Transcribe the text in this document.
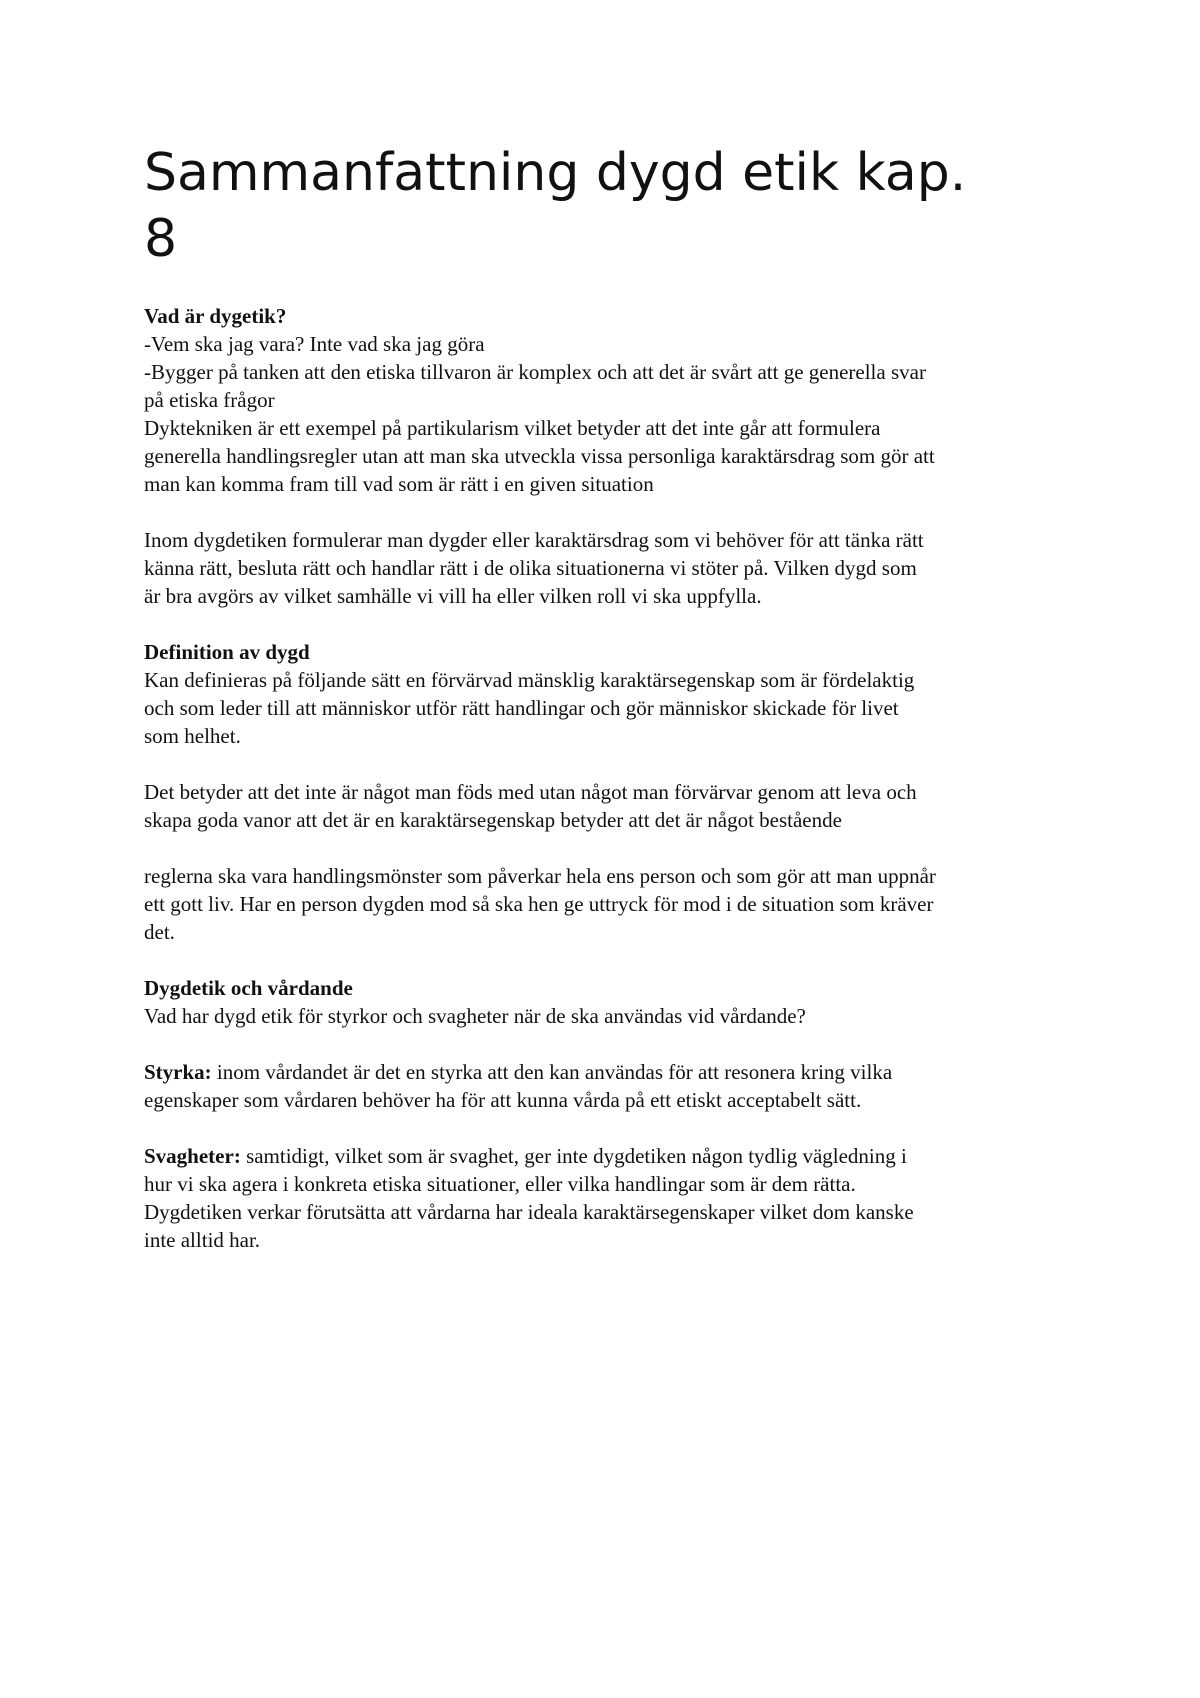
Sammanfattning dygd etik kap.
8
Vad är dygetik?
-Vem ska jag vara? Inte vad ska jag göra
-Bygger på tanken att den etiska tillvaron är komplex och att det är svårt att ge generella svar
på etiska frågor
Dyktekniken är ett exempel på partikularism vilket betyder att det inte går att formulera
generella handlingsregler utan att man ska utveckla vissa personliga karaktärsdrag som gör att
man kan komma fram till vad som är rätt i en given situation
Inom dygdetiken formulerar man dygder eller karaktärsdrag som vi behöver för att tänka rätt
känna rätt, besluta rätt och handlar rätt i de olika situationerna vi stöter på. Vilken dygd som
är bra avgörs av vilket samhälle vi vill ha eller vilken roll vi ska uppfylla.
Definition av dygd
Kan definieras på följande sätt en förvärvad mänsklig karaktärsegenskap som är fördelaktig
och som leder till att människor utför rätt handlingar och gör människor skickade för livet
som helhet.
Det betyder att det inte är något man föds med utan något man förvärvar genom att leva och
skapa goda vanor att det är en karaktärsegenskap betyder att det är något bestående
reglerna ska vara handlingsmönster som påverkar hela ens person och som gör att man uppnår
ett gott liv. Har en person dygden mod så ska hen ge uttryck för mod i de situation som kräver
det.
Dygdetik och vårdande
Vad har dygd etik för styrkor och svagheter när de ska användas vid vårdande?
Styrka: inom vårdandet är det en styrka att den kan användas för att resonera kring vilka
egenskaper som vårdaren behöver ha för att kunna vårda på ett etiskt acceptabelt sätt.
Svagheter: samtidigt, vilket som är svaghet, ger inte dygdetiken någon tydlig vägledning i
hur vi ska agera i konkreta etiska situationer, eller vilka handlingar som är dem rätta.
Dygdetiken verkar förutsätta att vårdarna har ideala karaktärsegenskaper vilket dom kanske
inte alltid har.
